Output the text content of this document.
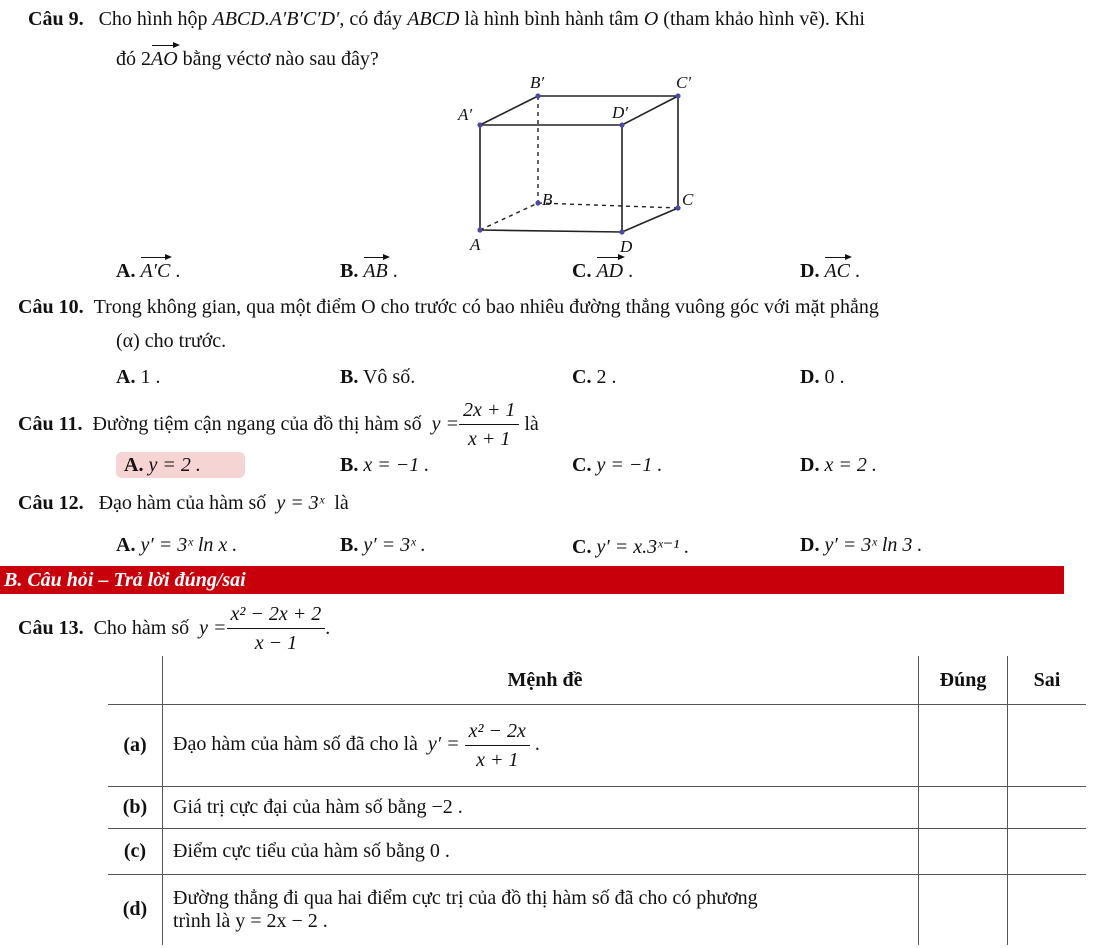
Câu 9. Cho hình hộp ABCD.A′B′C′D′, có đáy ABCD là hình bình hành tâm O (tham khảo hình vẽ). Khi
đó 2AO bằng véctơ nào sau đây?
B′	C′
A′	D′
B	C
A	D
A. A′C .	B. AB .	C. AD .	D. AC .
Câu 10. Trong không gian, qua một điểm O cho trước có bao nhiêu đường thẳng vuông góc với mặt phẳng
(α) cho trước.
A. 1 .	B. Vô số.	C. 2 .	D. 0 .
Câu 11.
Đường tiệm cận ngang của đồ thị hàm số
$y = \frac{2x + 1}{x + 1}$
là
A. y = 2 .	B. x = −1 .	C. y = −1 .	D. x = 2 .
Câu 12. Đạo hàm của hàm số y = 3ˣ là
A. y′ = 3ˣ ln x .	B. y′ = 3ˣ .	C. y′ = x.3ˣ⁻¹ .	D. y′ = 3ˣ ln 3 .
B. Câu hỏi – Trả lời đúng/sai
Câu 13.
Cho hàm số
$y = \frac{\text{x² − 2x + 2}}{x - 1}$ .
	Mệnh đề	Đúng	Sai
(a)	Đạo hàm của hàm số đã cho là $y' = \frac{\text{x² − 2x}}{x + 1}$ .		
(b)	Giá trị cực đại của hàm số bằng −2 .		
(c)	Điểm cực tiểu của hàm số bằng 0 .		
(d)	Đường thẳng đi qua hai điểm cực trị của đồ thị hàm số đã cho có phương
trình là y = 2x − 2 .		
